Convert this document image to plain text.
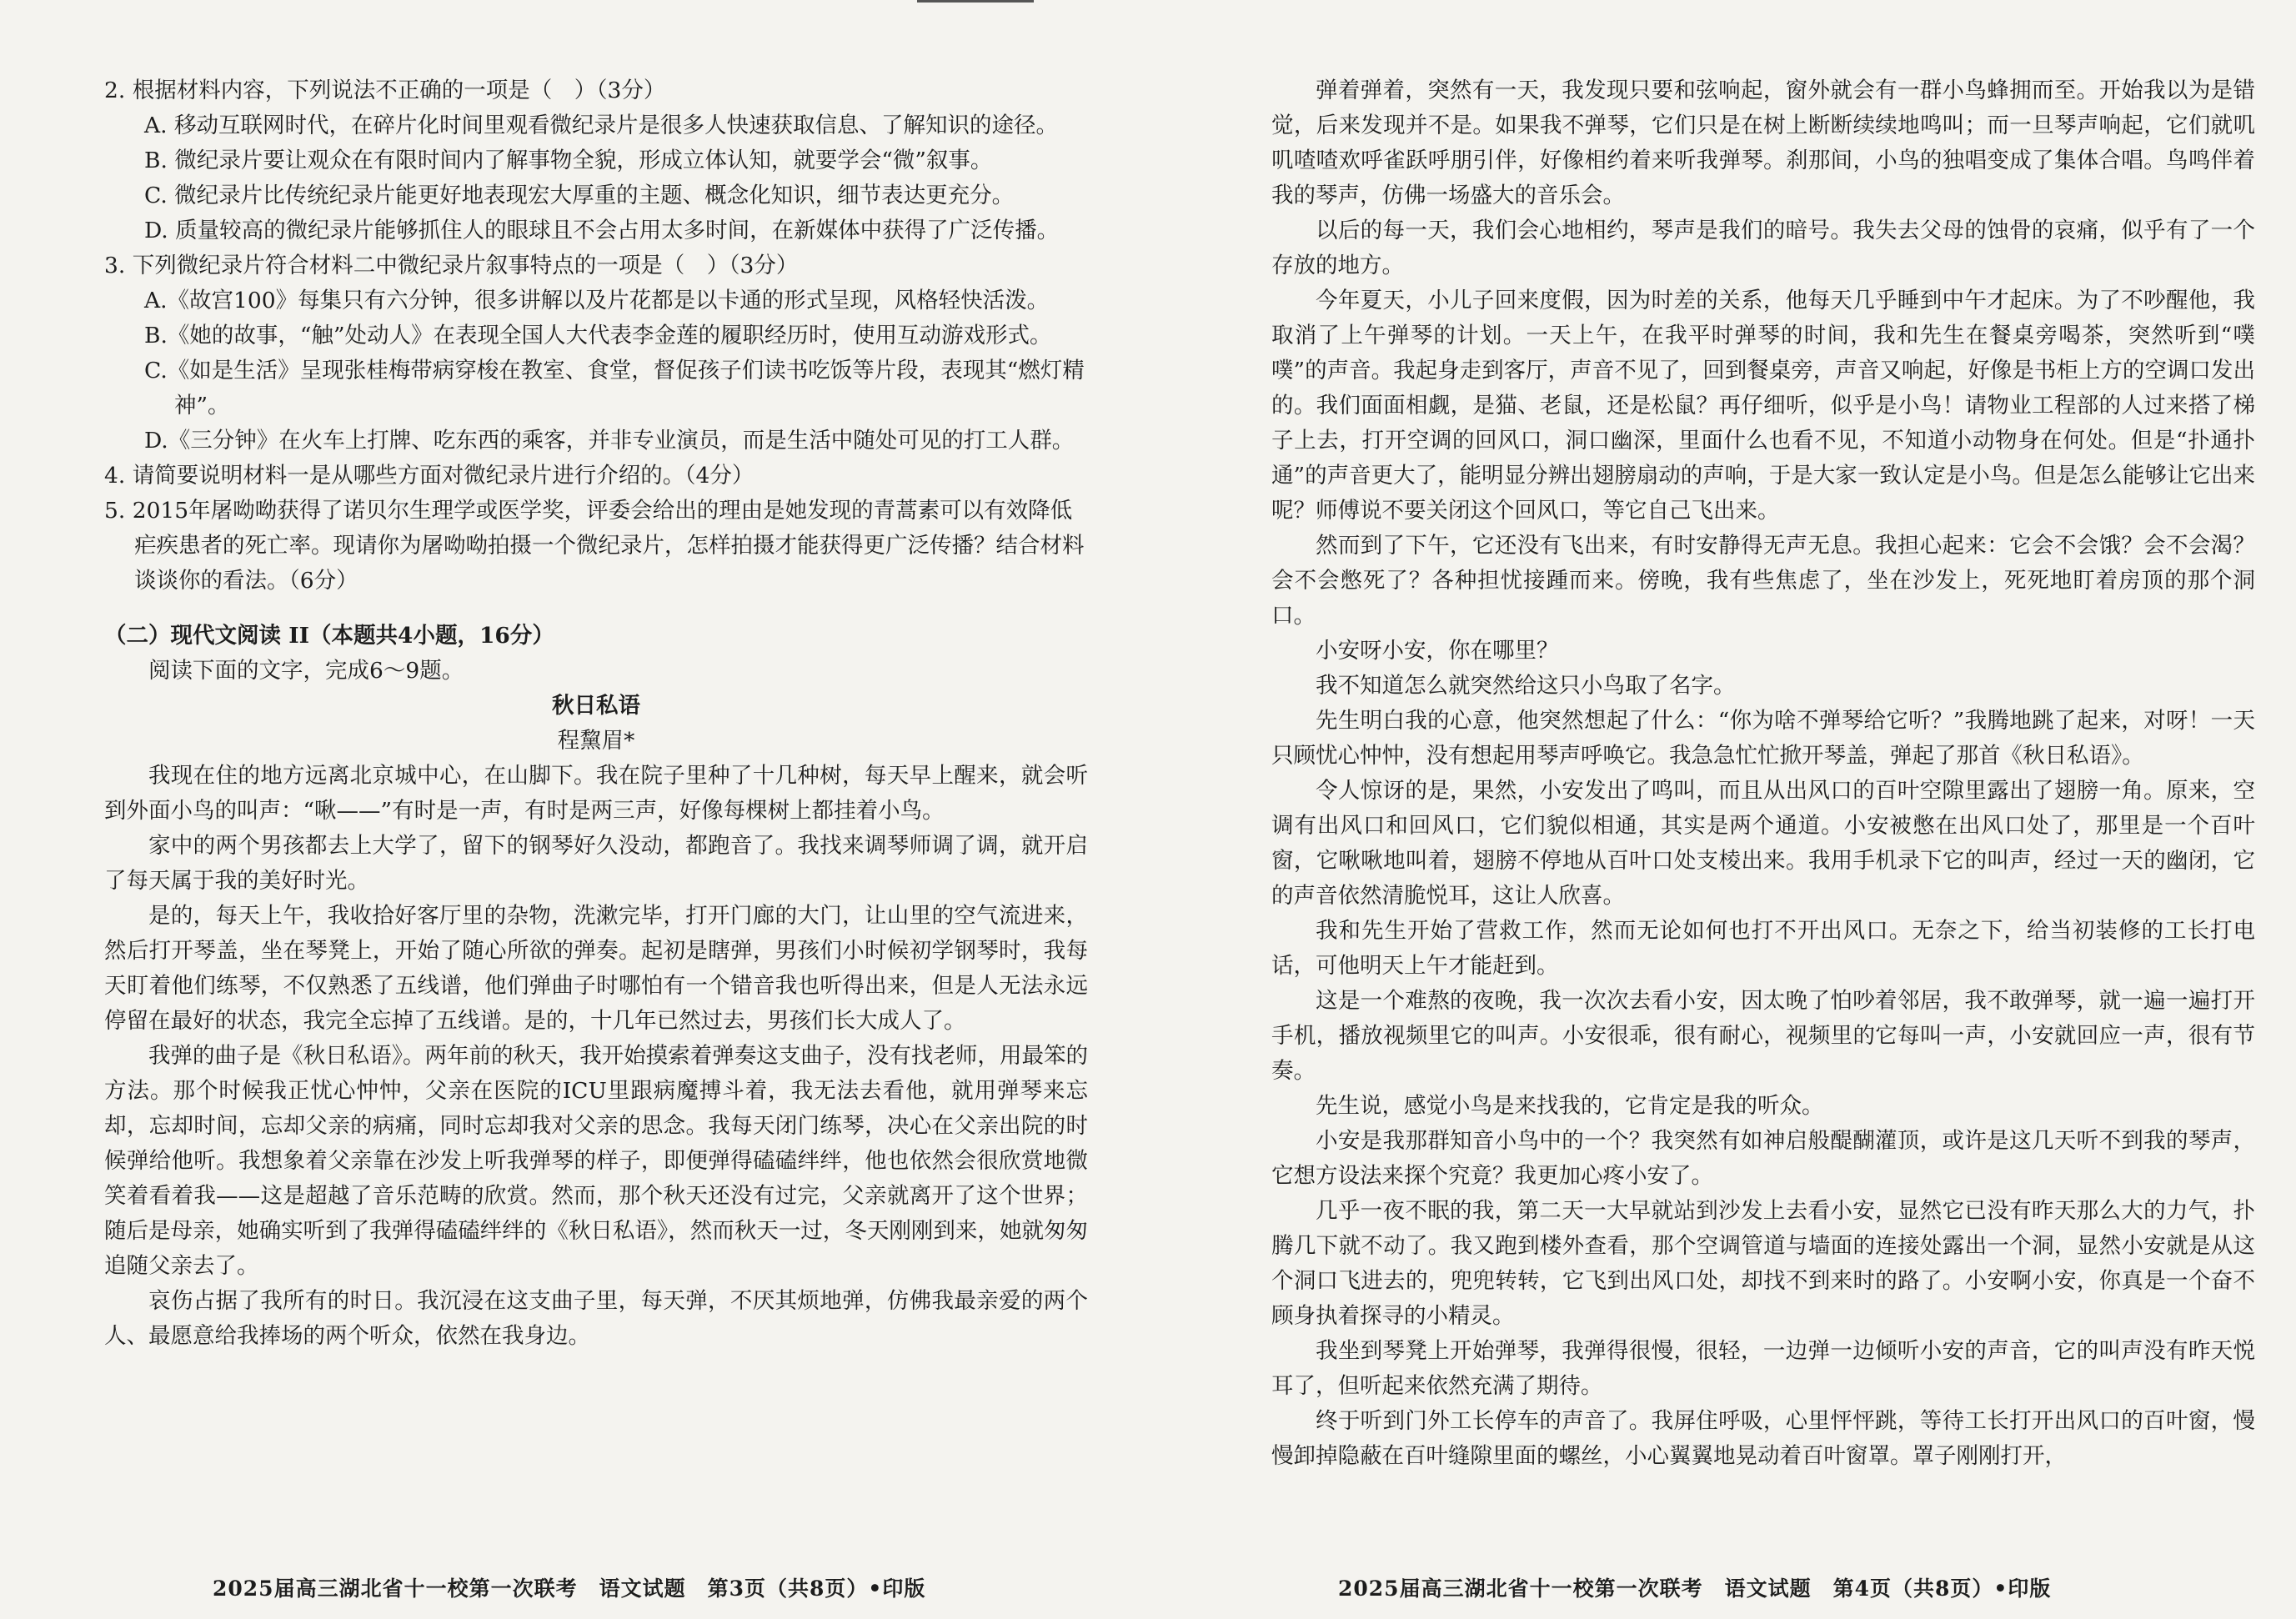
2. 根据材料内容，下列说法不正确的一项是（　）（3分）

A. 移动互联网时代，在碎片化时间里观看微纪录片是很多人快速获取信息、了解知识的途径。

B. 微纪录片要让观众在有限时间内了解事物全貌，形成立体认知，就要学会“微”叙事。

C. 微纪录片比传统纪录片能更好地表现宏大厚重的主题、概念化知识，细节表达更充分。

D. 质量较高的微纪录片能够抓住人的眼球且不会占用太多时间，在新媒体中获得了广泛传播。

3. 下列微纪录片符合材料二中微纪录片叙事特点的一项是（　）（3分）

A.《故宫100》每集只有六分钟，很多讲解以及片花都是以卡通的形式呈现，风格轻快活泼。

B.《她的故事，“触”处动人》在表现全国人大代表李金莲的履职经历时，使用互动游戏形式。

C.《如是生活》呈现张桂梅带病穿梭在教室、食堂，督促孩子们读书吃饭等片段，表现其“燃灯精神”。

D.《三分钟》在火车上打牌、吃东西的乘客，并非专业演员，而是生活中随处可见的打工人群。

4. 请简要说明材料一是从哪些方面对微纪录片进行介绍的。（4分）

5. 2015年屠呦呦获得了诺贝尔生理学或医学奖，评委会给出的理由是她发现的青蒿素可以有效降低疟疾患者的死亡率。现请你为屠呦呦拍摄一个微纪录片，怎样拍摄才能获得更广泛传播？结合材料谈谈你的看法。（6分）

（二）现代文阅读 II（本题共4小题，16分）

阅读下面的文字，完成6～9题。

秋日私语

程黧眉*

我现在住的地方远离北京城中心，在山脚下。我在院子里种了十几种树，每天早上醒来，就会听到外面小鸟的叫声：“啾——”有时是一声，有时是两三声，好像每棵树上都挂着小鸟。

家中的两个男孩都去上大学了，留下的钢琴好久没动，都跑音了。我找来调琴师调了调，就开启了每天属于我的美好时光。

是的，每天上午，我收拾好客厅里的杂物，洗漱完毕，打开门廊的大门，让山里的空气流进来，然后打开琴盖，坐在琴凳上，开始了随心所欲的弹奏。起初是瞎弹，男孩们小时候初学钢琴时，我每天盯着他们练琴，不仅熟悉了五线谱，他们弹曲子时哪怕有一个错音我也听得出来，但是人无法永远停留在最好的状态，我完全忘掉了五线谱。是的，十几年已然过去，男孩们长大成人了。

我弹的曲子是《秋日私语》。两年前的秋天，我开始摸索着弹奏这支曲子，没有找老师，用最笨的方法。那个时候我正忧心忡忡，父亲在医院的ICU里跟病魔搏斗着，我无法去看他，就用弹琴来忘却，忘却时间，忘却父亲的病痛，同时忘却我对父亲的思念。我每天闭门练琴，决心在父亲出院的时候弹给他听。我想象着父亲靠在沙发上听我弹琴的样子，即便弹得磕磕绊绊，他也依然会很欣赏地微笑着看着我——这是超越了音乐范畴的欣赏。然而，那个秋天还没有过完，父亲就离开了这个世界；随后是母亲，她确实听到了我弹得磕磕绊绊的《秋日私语》，然而秋天一过，冬天刚刚到来，她就匆匆追随父亲去了。

哀伤占据了我所有的时日。我沉浸在这支曲子里，每天弹，不厌其烦地弹，仿佛我最亲爱的两个人、最愿意给我捧场的两个听众，依然在我身边。

弹着弹着，突然有一天，我发现只要和弦响起，窗外就会有一群小鸟蜂拥而至。开始我以为是错觉，后来发现并不是。如果我不弹琴，它们只是在树上断断续续地鸣叫；而一旦琴声响起，它们就叽叽喳喳欢呼雀跃呼朋引伴，好像相约着来听我弹琴。刹那间，小鸟的独唱变成了集体合唱。鸟鸣伴着我的琴声，仿佛一场盛大的音乐会。

以后的每一天，我们会心地相约，琴声是我们的暗号。我失去父母的蚀骨的哀痛，似乎有了一个存放的地方。

今年夏天，小儿子回来度假，因为时差的关系，他每天几乎睡到中午才起床。为了不吵醒他，我取消了上午弹琴的计划。一天上午，在我平时弹琴的时间，我和先生在餐桌旁喝茶，突然听到“噗噗”的声音。我起身走到客厅，声音不见了，回到餐桌旁，声音又响起，好像是书柜上方的空调口发出的。我们面面相觑，是猫、老鼠，还是松鼠？再仔细听，似乎是小鸟！请物业工程部的人过来搭了梯子上去，打开空调的回风口，洞口幽深，里面什么也看不见，不知道小动物身在何处。但是“扑通扑通”的声音更大了，能明显分辨出翅膀扇动的声响，于是大家一致认定是小鸟。但是怎么能够让它出来呢？师傅说不要关闭这个回风口，等它自己飞出来。

然而到了下午，它还没有飞出来，有时安静得无声无息。我担心起来：它会不会饿？会不会渴？会不会憋死了？各种担忧接踵而来。傍晚，我有些焦虑了，坐在沙发上，死死地盯着房顶的那个洞口。

小安呀小安，你在哪里？

我不知道怎么就突然给这只小鸟取了名字。

先生明白我的心意，他突然想起了什么：“你为啥不弹琴给它听？”我腾地跳了起来，对呀！一天只顾忧心忡忡，没有想起用琴声呼唤它。我急急忙忙掀开琴盖，弹起了那首《秋日私语》。

令人惊讶的是，果然，小安发出了鸣叫，而且从出风口的百叶空隙里露出了翅膀一角。原来，空调有出风口和回风口，它们貌似相通，其实是两个通道。小安被憋在出风口处了，那里是一个百叶窗，它啾啾地叫着，翅膀不停地从百叶口处支棱出来。我用手机录下它的叫声，经过一天的幽闭，它的声音依然清脆悦耳，这让人欣喜。

我和先生开始了营救工作，然而无论如何也打不开出风口。无奈之下，给当初装修的工长打电话，可他明天上午才能赶到。

这是一个难熬的夜晚，我一次次去看小安，因太晚了怕吵着邻居，我不敢弹琴，就一遍一遍打开手机，播放视频里它的叫声。小安很乖，很有耐心，视频里的它每叫一声，小安就回应一声，很有节奏。

先生说，感觉小鸟是来找我的，它肯定是我的听众。

小安是我那群知音小鸟中的一个？我突然有如神启般醍醐灌顶，或许是这几天听不到我的琴声，它想方设法来探个究竟？我更加心疼小安了。

几乎一夜不眠的我，第二天一大早就站到沙发上去看小安，显然它已没有昨天那么大的力气，扑腾几下就不动了。我又跑到楼外查看，那个空调管道与墙面的连接处露出一个洞，显然小安就是从这个洞口飞进去的，兜兜转转，它飞到出风口处，却找不到来时的路了。小安啊小安，你真是一个奋不顾身执着探寻的小精灵。

我坐到琴凳上开始弹琴，我弹得很慢，很轻，一边弹一边倾听小安的声音，它的叫声没有昨天悦耳了，但听起来依然充满了期待。

终于听到门外工长停车的声音了。我屏住呼吸，心里怦怦跳，等待工长打开出风口的百叶窗，慢慢卸掉隐蔽在百叶缝隙里面的螺丝，小心翼翼地晃动着百叶窗罩。罩子刚刚打开，

2025届高三湖北省十一校第一次联考　语文试题　第3页（共8页）•印版	2025届高三湖北省十一校第一次联考　语文试题　第4页（共8页）•印版
